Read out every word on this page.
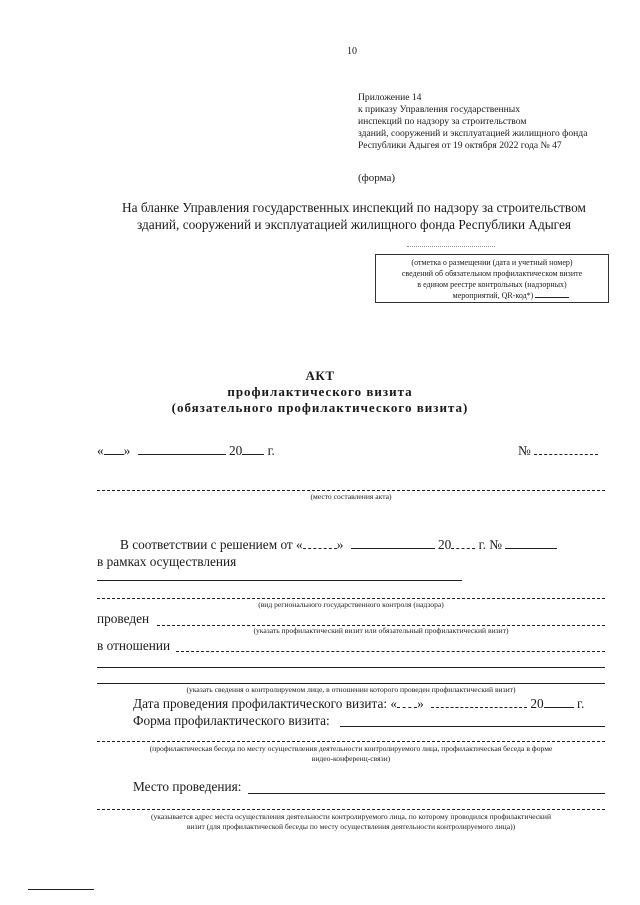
10
Приложение 14
к приказу Управления государственных
инспекций по надзору за строительством
зданий, сооружений и эксплуатацией жилищного фонда
Республики Адыгея от 19 октября 2022 года № 47
(форма)
На бланке Управления государственных инспекций по надзору за строительством
зданий, сооружений и эксплуатацией жилищного фонда Республики Адыгея
(отметка о размещении (дата и учетный номер)
сведений об обязательном профилактическом визите
в едином реестре контрольных (надзорных)
мероприятий, QR-код*)
АКТ
профилактического визита
(обязательного профилактического визита)
« »	20 г.	№
(место составления акта)
В соответствии с решением от «	»	20 г. №
в рамках осуществления
(вид регионального государственного контроля (надзора)
проведен
(указать профилактический визит или обязательный профилактический визит)
в отношении
(указать сведения о контролируемом лице, в отношении которого проведен профилактический визит)
Дата проведения профилактического визита: « »	20	г.
Форма профилактического визита:
(профилактическая беседа по месту осуществления деятельности контролируемого лица, профилактическая беседа в форме
видео-конференц-связи)
Место проведения:
(указывается адрес места осуществления деятельности контролируемого лица, по которому проводился профилактический
визит (для профилактической беседы по месту осуществления деятельности контролируемого лица))
